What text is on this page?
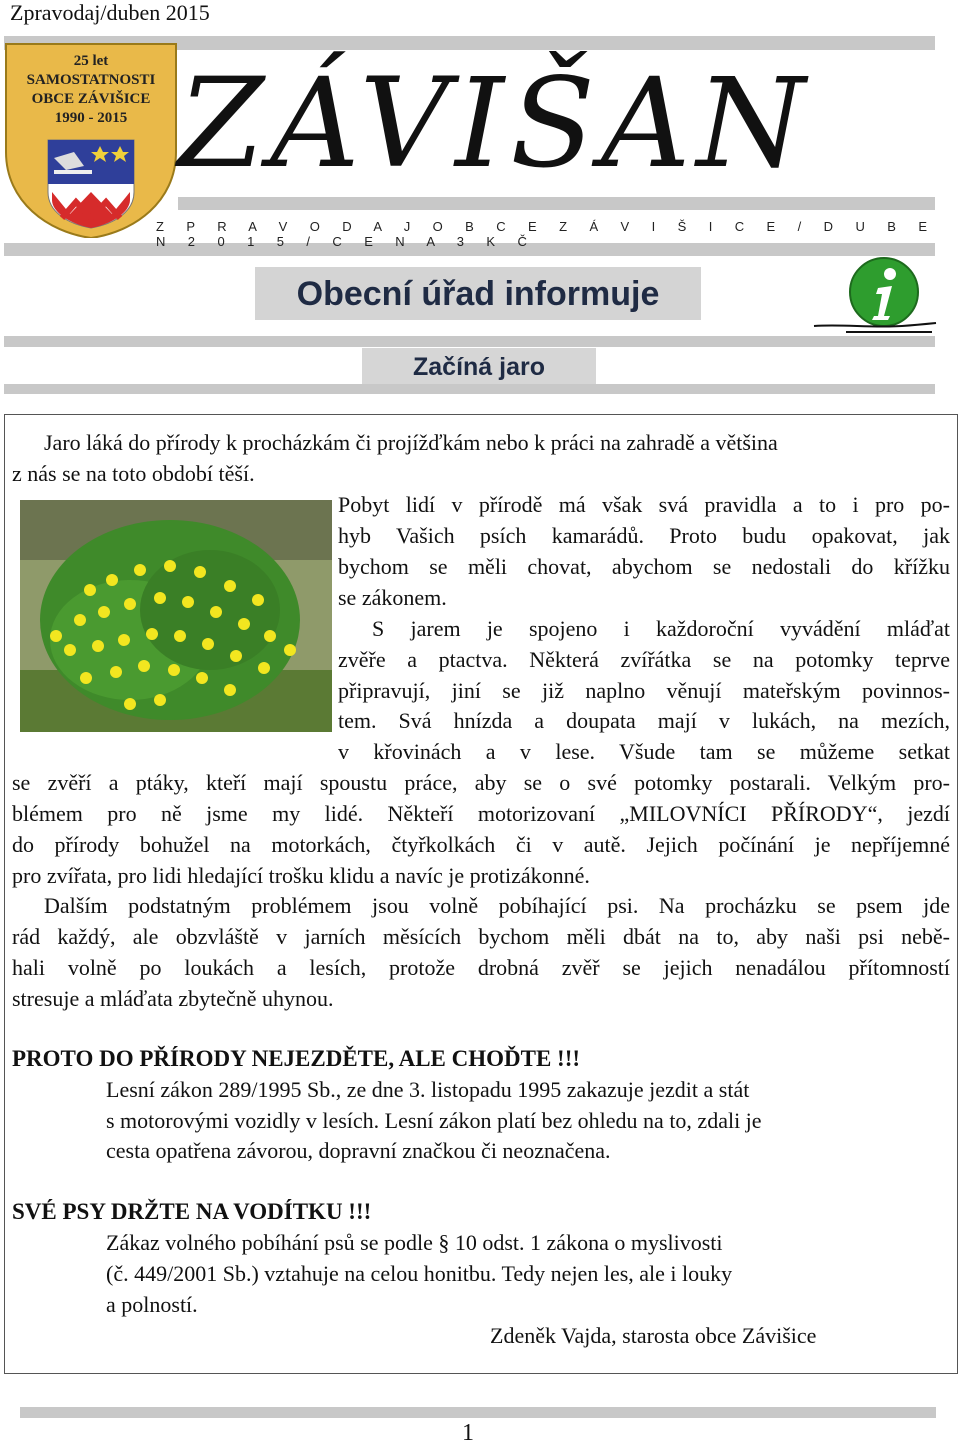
Zpravodaj/duben 2015
25 let
SAMOSTATNOSTI
OBCE ZÁVIŠICE
1990 - 2015 ZÁVIŠAN
Z P R A V O D A J O B C E Z Á V I Š I C E / D U B E N 2 0 1 5 / C E N A 3 K Č
Obecní úřad informuje
Začíná jaro
Jaro láká do přírody k procházkám či projížďkám nebo k práci na zahradě a většina
z nás se na toto období těší.
Pobyt lidí v přírodě má však svá pravidla a to i pro po-
hyb Vašich psích kamarádů. Proto budu opakovat, jak
bychom se měli chovat, abychom se nedostali do křížku
se zákonem.
S jarem je spojeno i každoroční vyvádění mláďat
zvěře a ptactva. Některá zvířátka se na potomky teprve
připravují, jiní se již naplno věnují mateřským povinnos-
tem. Svá hnízda a doupata mají v lukách, na mezích,
v křovinách a v lese. Všude tam se můžeme setkat
se zvěří a ptáky, kteří mají spoustu práce, aby se o své potomky postarali. Velkým pro-
blémem pro ně jsme my lidé. Někteří motorizovaní „MILOVNÍCI PŘÍRODY“, jezdí
do přírody bohužel na motorkách, čtyřkolkách či v autě. Jejich počínání je nepříjemné
pro zvířata, pro lidi hledající trošku klidu a navíc je protizákonné.
Dalším podstatným problémem jsou volně pobíhající psi. Na procházku se psem jde
rád každý, ale obzvláště v jarních měsících bychom měli dbát na to, aby naši psi nebě-
hali volně po loukách a lesích, protože drobná zvěř se jejich nenadálou přítomností
stresuje a mláďata zbytečně uhynou.
PROTO DO PŘÍRODY NEJEZDĚTE, ALE CHOĎTE !!!
Lesní zákon 289/1995 Sb., ze dne 3. listopadu 1995 zakazuje jezdit a stát
s motorovými vozidly v lesích. Lesní zákon platí bez ohledu na to, zdali je
cesta opatřena závorou, dopravní značkou či neoznačena.
SVÉ PSY DRŽTE NA VODÍTKU !!!
Zákaz volného pobíhání psů se podle § 10 odst. 1 zákona o myslivosti
(č. 449/2001 Sb.) vztahuje na celou honitbu. Tedy nejen les, ale i louky
a polností.
Zdeněk Vajda, starosta obce Závišice
1
